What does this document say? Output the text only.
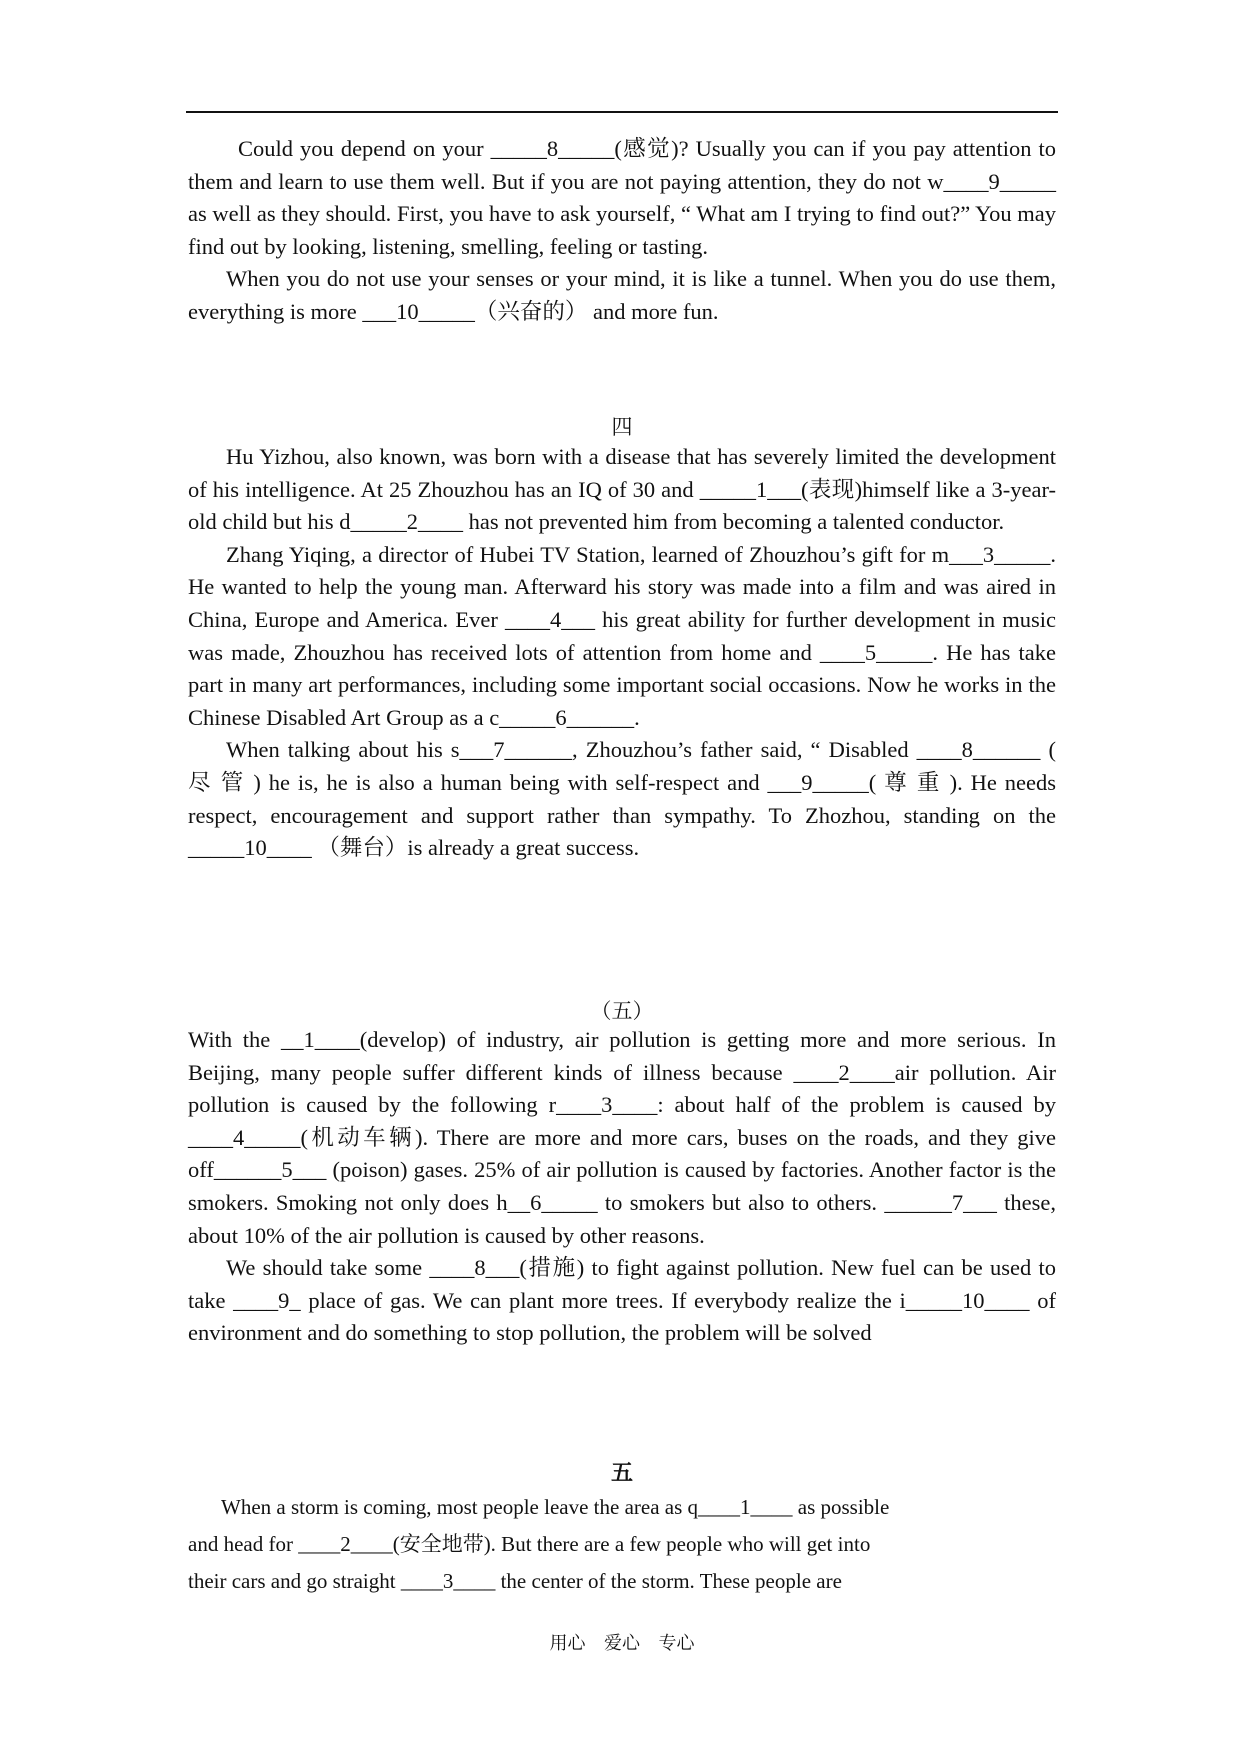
Could you depend on your _____8_____(感觉)? Usually you can if you pay attention to them and learn to use them well. But if you are not paying attention, they do not w____9_____ as well as they should. First, you have to ask yourself, “ What am I trying to find out?” You may find out by looking, listening, smelling, feeling or tasting.

When you do not use your senses or your mind, it is like a tunnel. When you do use them, everything is more ___10_____（兴奋的） and more fun.

四

Hu Yizhou, also known, was born with a disease that has severely limited the development of his intelligence. At 25 Zhouzhou has an IQ of 30 and _____1___(表现)himself like a 3-year-old child but his d_____2____ has not prevented him from becoming a talented conductor.

Zhang Yiqing, a director of Hubei TV Station, learned of Zhouzhou’s gift for m___3_____. He wanted to help the young man. Afterward his story was made into a film and was aired in China, Europe and America. Ever ____4___ his great ability for further development in music was made, Zhouzhou has received lots of attention from home and ____5_____. He has take part in many art performances, including some important social occasions. Now he works in the Chinese Disabled Art Group as a c_____6______.

When talking about his s___7______, Zhouzhou’s father said, “ Disabled ____8______ ( 尽 管 ) he is, he is also a human being with self-respect and ___9_____( 尊 重 ). He needs respect, encouragement and support rather than sympathy. To Zhozhou, standing on the _____10____ （舞台）is already a great success.

（五）

With the __1____(develop) of industry, air pollution is getting more and more serious. In Beijing, many people suffer different kinds of illness because ____2____air pollution. Air pollution is caused by the following r____3____: about half of the problem is caused by ____4_____(机动车辆). There are more and more cars, buses on the roads, and they give off______5___ (poison) gases. 25% of air pollution is caused by factories. Another factor is the smokers. Smoking not only does h__6_____ to smokers but also to others. ______7___ these, about 10% of the air pollution is caused by other reasons.

We should take some ____8___(措施) to fight against pollution. New fuel can be used to take ____9_ place of gas. We can plant more trees. If everybody realize the i_____10____ of environment and do something to stop pollution, the problem will be solved

五

When a storm is coming, most people leave the area as q____1____ as possible

and head for ____2____(安全地带). But there are a few people who will get into

their cars and go straight ____3____ the center of the storm. These people are

用心 爱心 专心
